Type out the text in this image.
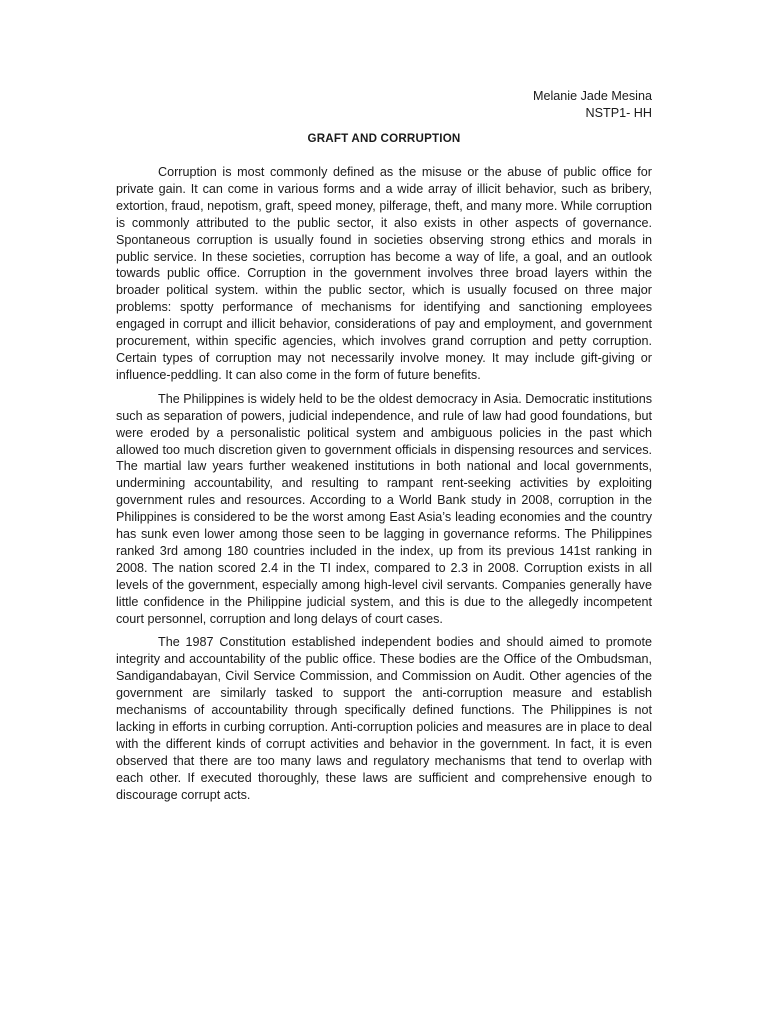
Melanie Jade Mesina
NSTP1- HH
GRAFT AND CORRUPTION

Corruption is most commonly defined as the misuse or the abuse of public office for private gain. It can come in various forms and a wide array of illicit behavior, such as bribery, extortion, fraud, nepotism, graft, speed money, pilferage, theft, and many more. While corruption is commonly attributed to the public sector, it also exists in other aspects of governance. Spontaneous corruption is usually found in societies observing strong ethics and morals in public service. In these societies, corruption has become a way of life, a goal, and an outlook towards public office. Corruption in the government involves three broad layers within the broader political system. within the public sector, which is usually focused on three major problems: spotty performance of mechanisms for identifying and sanctioning employees engaged in corrupt and illicit behavior, considerations of pay and employment, and government procurement, within specific agencies, which involves grand corruption and petty corruption. Certain types of corruption may not necessarily involve money. It may include gift-giving or influence-peddling. It can also come in the form of future benefits.

The Philippines is widely held to be the oldest democracy in Asia. Democratic institutions such as separation of powers, judicial independence, and rule of law had good foundations, but were eroded by a personalistic political system and ambiguous policies in the past which allowed too much discretion given to government officials in dispensing resources and services. The martial law years further weakened institutions in both national and local governments, undermining accountability, and resulting to rampant rent-seeking activities by exploiting government rules and resources. According to a World Bank study in 2008, corruption in the Philippines is considered to be the worst among East Asia’s leading economies and the country has sunk even lower among those seen to be lagging in governance reforms. The Philippines ranked 3rd among 180 countries included in the index, up from its previous 141st ranking in 2008. The nation scored 2.4 in the TI index, compared to 2.3 in 2008. Corruption exists in all levels of the government, especially among high-level civil servants. Companies generally have little confidence in the Philippine judicial system, and this is due to the allegedly incompetent court personnel, corruption and long delays of court cases.

The 1987 Constitution established independent bodies and should aimed to promote integrity and accountability of the public office. These bodies are the Office of the Ombudsman, Sandigandabayan, Civil Service Commission, and Commission on Audit. Other agencies of the government are similarly tasked to support the anti-corruption measure and establish mechanisms of accountability through specifically defined functions. The Philippines is not lacking in efforts in curbing corruption. Anti-corruption policies and measures are in place to deal with the different kinds of corrupt activities and behavior in the government. In fact, it is even observed that there are too many laws and regulatory mechanisms that tend to overlap with each other. If executed thoroughly, these laws are sufficient and comprehensive enough to discourage corrupt acts.
